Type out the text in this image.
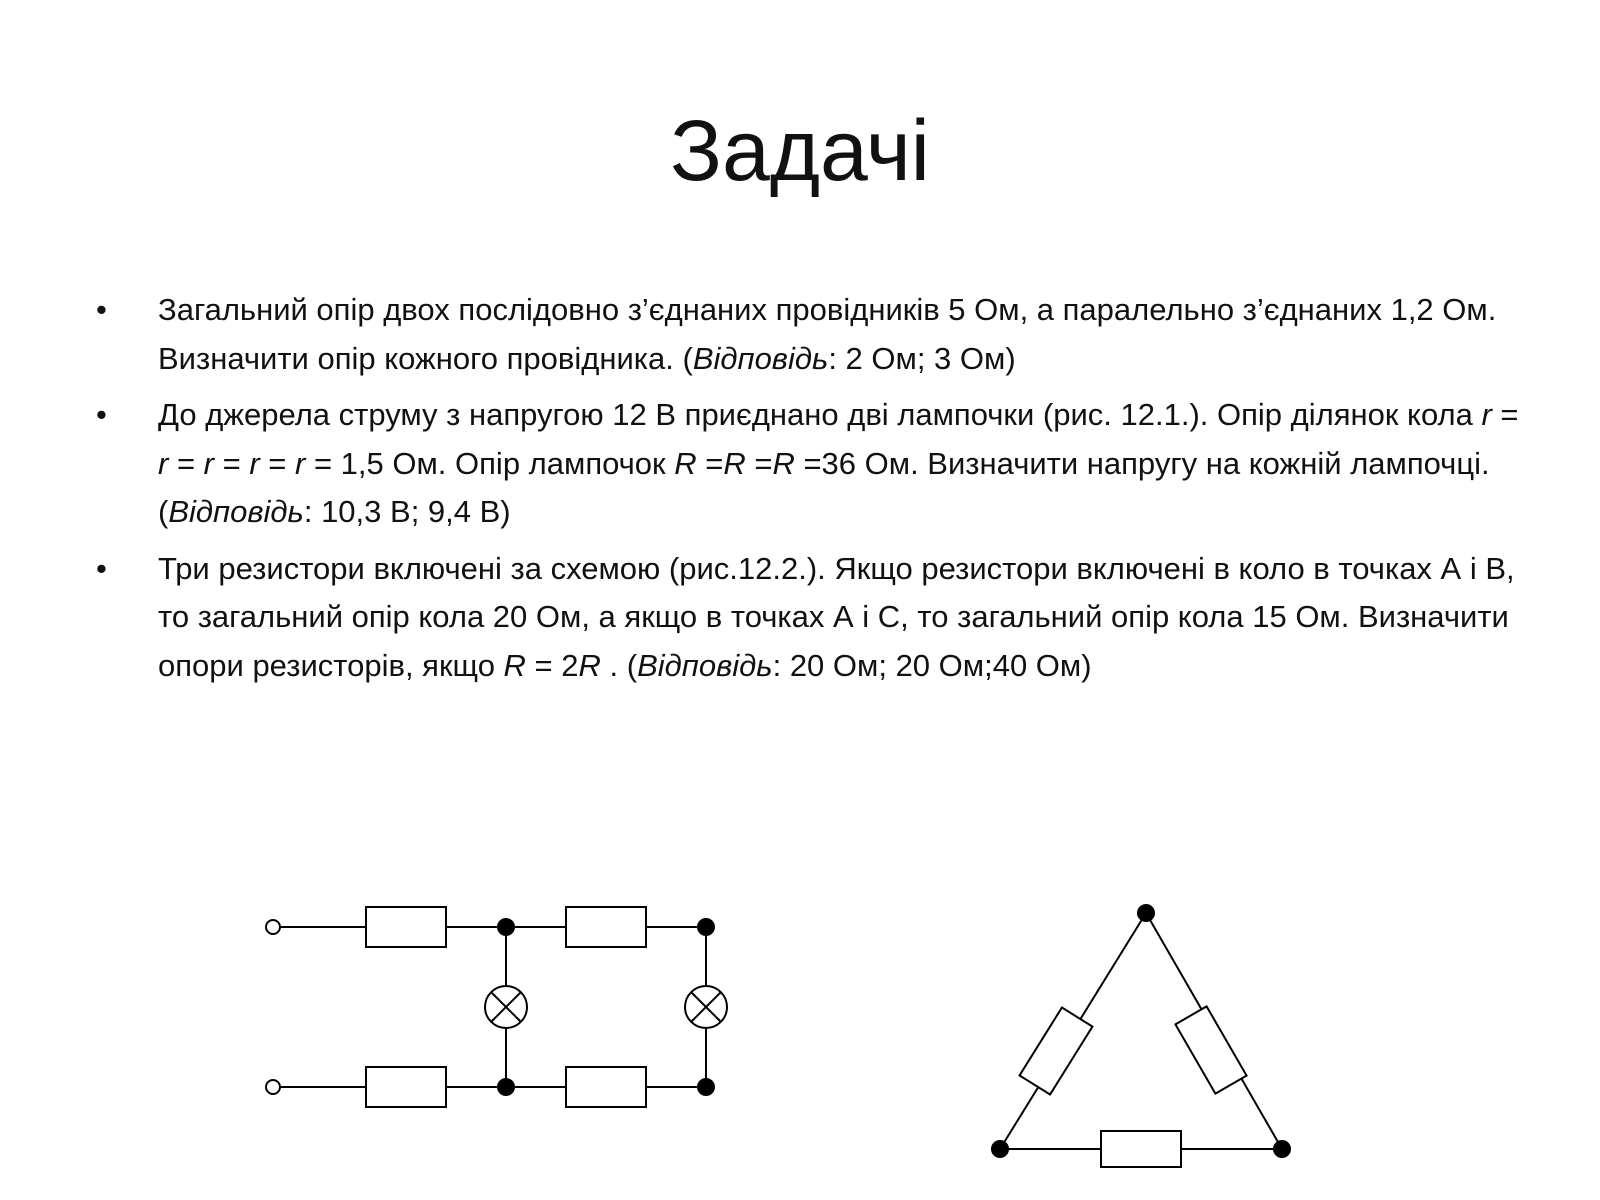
Задачі
• Загальний опір двох послідовно з’єднаних провідників 5 Ом, а паралельно з’єднаних 1,2 Ом. Визначити опір кожного провідника. (Відповідь: 2 Ом; 3 Ом)
• До джерела струму з напругою 12 В приєднано дві лампочки (рис. 12.1.). Опір ділянок кола r = r = r = r = r = 1,5 Ом. Опір лампочок R =R =R =36 Ом. Визначити напругу на кожній лампочці. (Відповідь: 10,3 В; 9,4 В)
• Три резистори включені за схемою (рис.12.2.). Якщо резистори включені в коло в точках А і В, то загальний опір кола 20 Ом, а якщо в точках А і С, то загальний опір кола 15 Ом. Визначити опори резисторів, якщо R = 2R . (Відповідь: 20 Ом; 20 Ом;40 Ом)
